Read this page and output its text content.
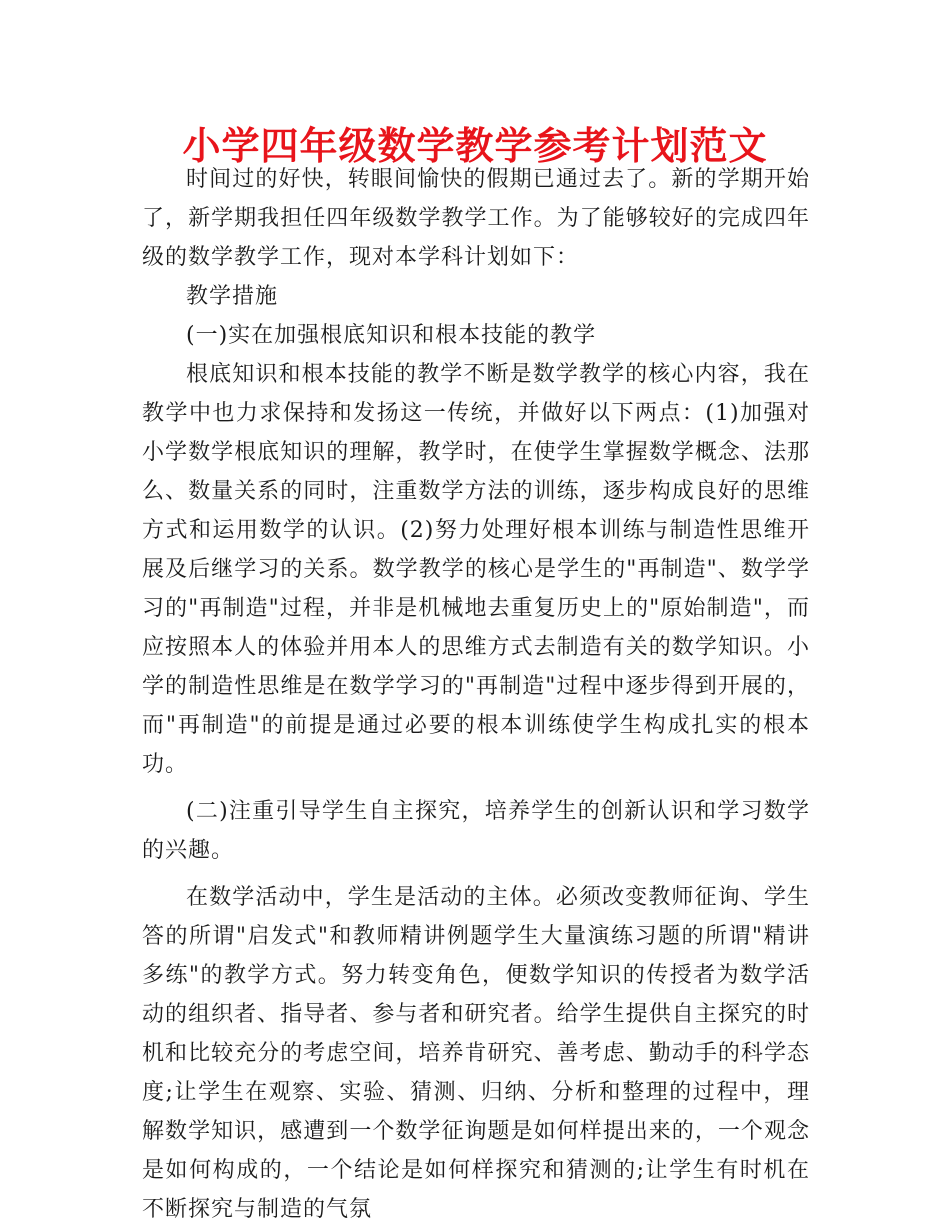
小学四年级数学教学参考计划范文

时间过的好快，转眼间愉快的假期已通过去了。新的学期开始了，新学期我担任四年级数学教学工作。为了能够较好的完成四年级的数学教学工作，现对本学科计划如下：

教学措施

(一)实在加强根底知识和根本技能的教学

根底知识和根本技能的教学不断是数学教学的核心内容，我在教学中也力求保持和发扬这一传统，并做好以下两点：(1)加强对小学数学根底知识的理解，教学时，在使学生掌握数学概念、法那么、数量关系的同时，注重数学方法的训练，逐步构成良好的思维方式和运用数学的认识。(2)努力处理好根本训练与制造性思维开展及后继学习的关系。数学教学的核心是学生的"再制造"、数学学习的"再制造"过程，并非是机械地去重复历史上的"原始制造"，而应按照本人的体验并用本人的思维方式去制造有关的数学知识。小学的制造性思维是在数学学习的"再制造"过程中逐步得到开展的，而"再制造"的前提是通过必要的根本训练使学生构成扎实的根本功。

(二)注重引导学生自主探究，培养学生的创新认识和学习数学的兴趣。

在数学活动中，学生是活动的主体。必须改变教师征询、学生答的所谓"启发式"和教师精讲例题学生大量演练习题的所谓"精讲多练"的教学方式。努力转变角色，便数学知识的传授者为数学活动的组织者、指导者、参与者和研究者。给学生提供自主探究的时机和比较充分的考虑空间，培养肯研究、善考虑、勤动手的科学态度;让学生在观察、实验、猜测、归纳、分析和整理的过程中，理解数学知识，感遭到一个数学征询题是如何样提出来的，一个观念是如何构成的，一个结论是如何样探究和猜测的;让学生有时机在不断探究与制造的气氛
